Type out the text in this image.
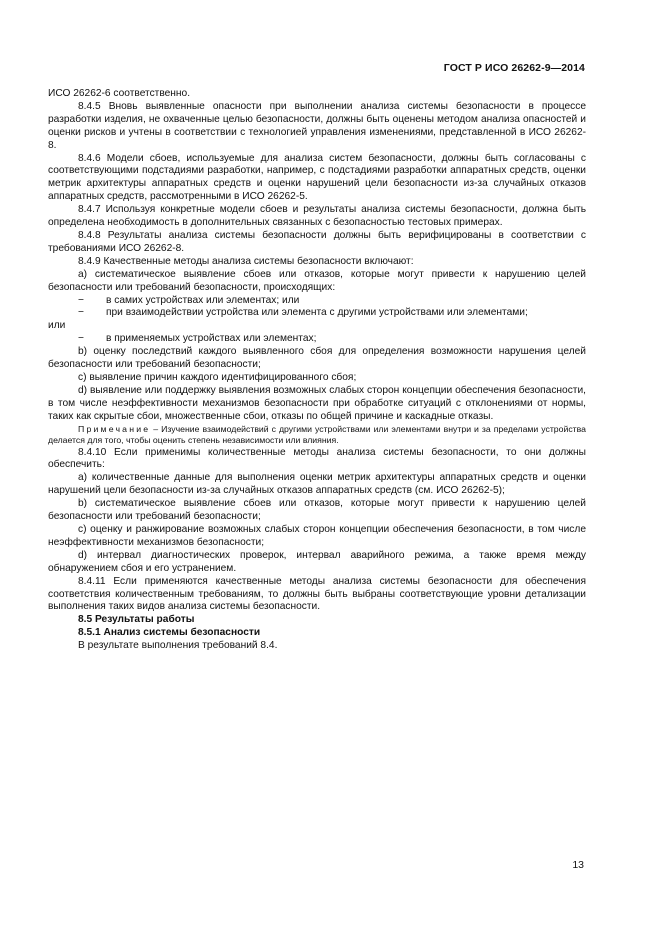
ГОСТ Р ИСО 26262-9—2014

ИСО 26262-6 соответственно.

8.4.5 Вновь выявленные опасности при выполнении анализа системы безопасности в процессе разработки изделия, не охваченные целью безопасности, должны быть оценены методом анализа опасностей и оценки рисков и учтены в соответствии с технологией управления изменениями, представленной в ИСО 26262-8.

8.4.6 Модели сбоев, используемые для анализа систем безопасности, должны быть согласованы с соответствующими подстадиями разработки, например, с подстадиями разработки аппаратных средств, оценки метрик архитектуры аппаратных средств и оценки нарушений цели безопасности из-за случайных отказов аппаратных средств, рассмотренными в ИСО 26262-5.

8.4.7 Используя конкретные модели сбоев и результаты анализа системы безопасности, должна быть определена необходимость в дополнительных связанных с безопасностью тестовых примерах.

8.4.8 Результаты анализа системы безопасности должны быть верифицированы в соответствии с требованиями ИСО 26262-8.

8.4.9 Качественные методы анализа системы безопасности включают:

a) систематическое выявление сбоев или отказов, которые могут привести к нарушению целей безопасности или требований безопасности, происходящих:

−	в самих устройствах или элементах; или
−	при взаимодействии устройства или элемента с другими устройствами или элементами;

или

−	в применяемых устройствах или элементах;

b) оценку последствий каждого выявленного сбоя для определения возможности нарушения целей безопасности или требований безопасности;

c) выявление причин каждого идентифицированного сбоя;

d) выявление или поддержку выявления возможных слабых сторон концепции обеспечения безопасности, в том числе неэффективности механизмов безопасности при обработке ситуаций с отклонениями от нормы, таких как скрытые сбои, множественные сбои, отказы по общей причине и каскадные отказы.

Примечание – Изучение взаимодействий с другими устройствами или элементами внутри и за пределами устройства делается для того, чтобы оценить степень независимости или влияния.

8.4.10 Если применимы количественные методы анализа системы безопасности, то они должны обеспечить:

a) количественные данные для выполнения оценки метрик архитектуры аппаратных средств и оценки нарушений цели безопасности из-за случайных отказов аппаратных средств (см. ИСО 26262-5);

b) систематическое выявление сбоев или отказов, которые могут привести к нарушению целей безопасности или требований безопасности;

c) оценку и ранжирование возможных слабых сторон концепции обеспечения безопасности, в том числе неэффективности механизмов безопасности;

d) интервал диагностических проверок, интервал аварийного режима, а также время между обнаружением сбоя и его устранением.

8.4.11 Если применяются качественные методы анализа системы безопасности для обеспечения соответствия количественным требованиям, то должны быть выбраны соответствующие уровни детализации выполнения таких видов анализа системы безопасности.

8.5 Результаты работы

8.5.1 Анализ системы безопасности

В результате выполнения требований 8.4.

13
